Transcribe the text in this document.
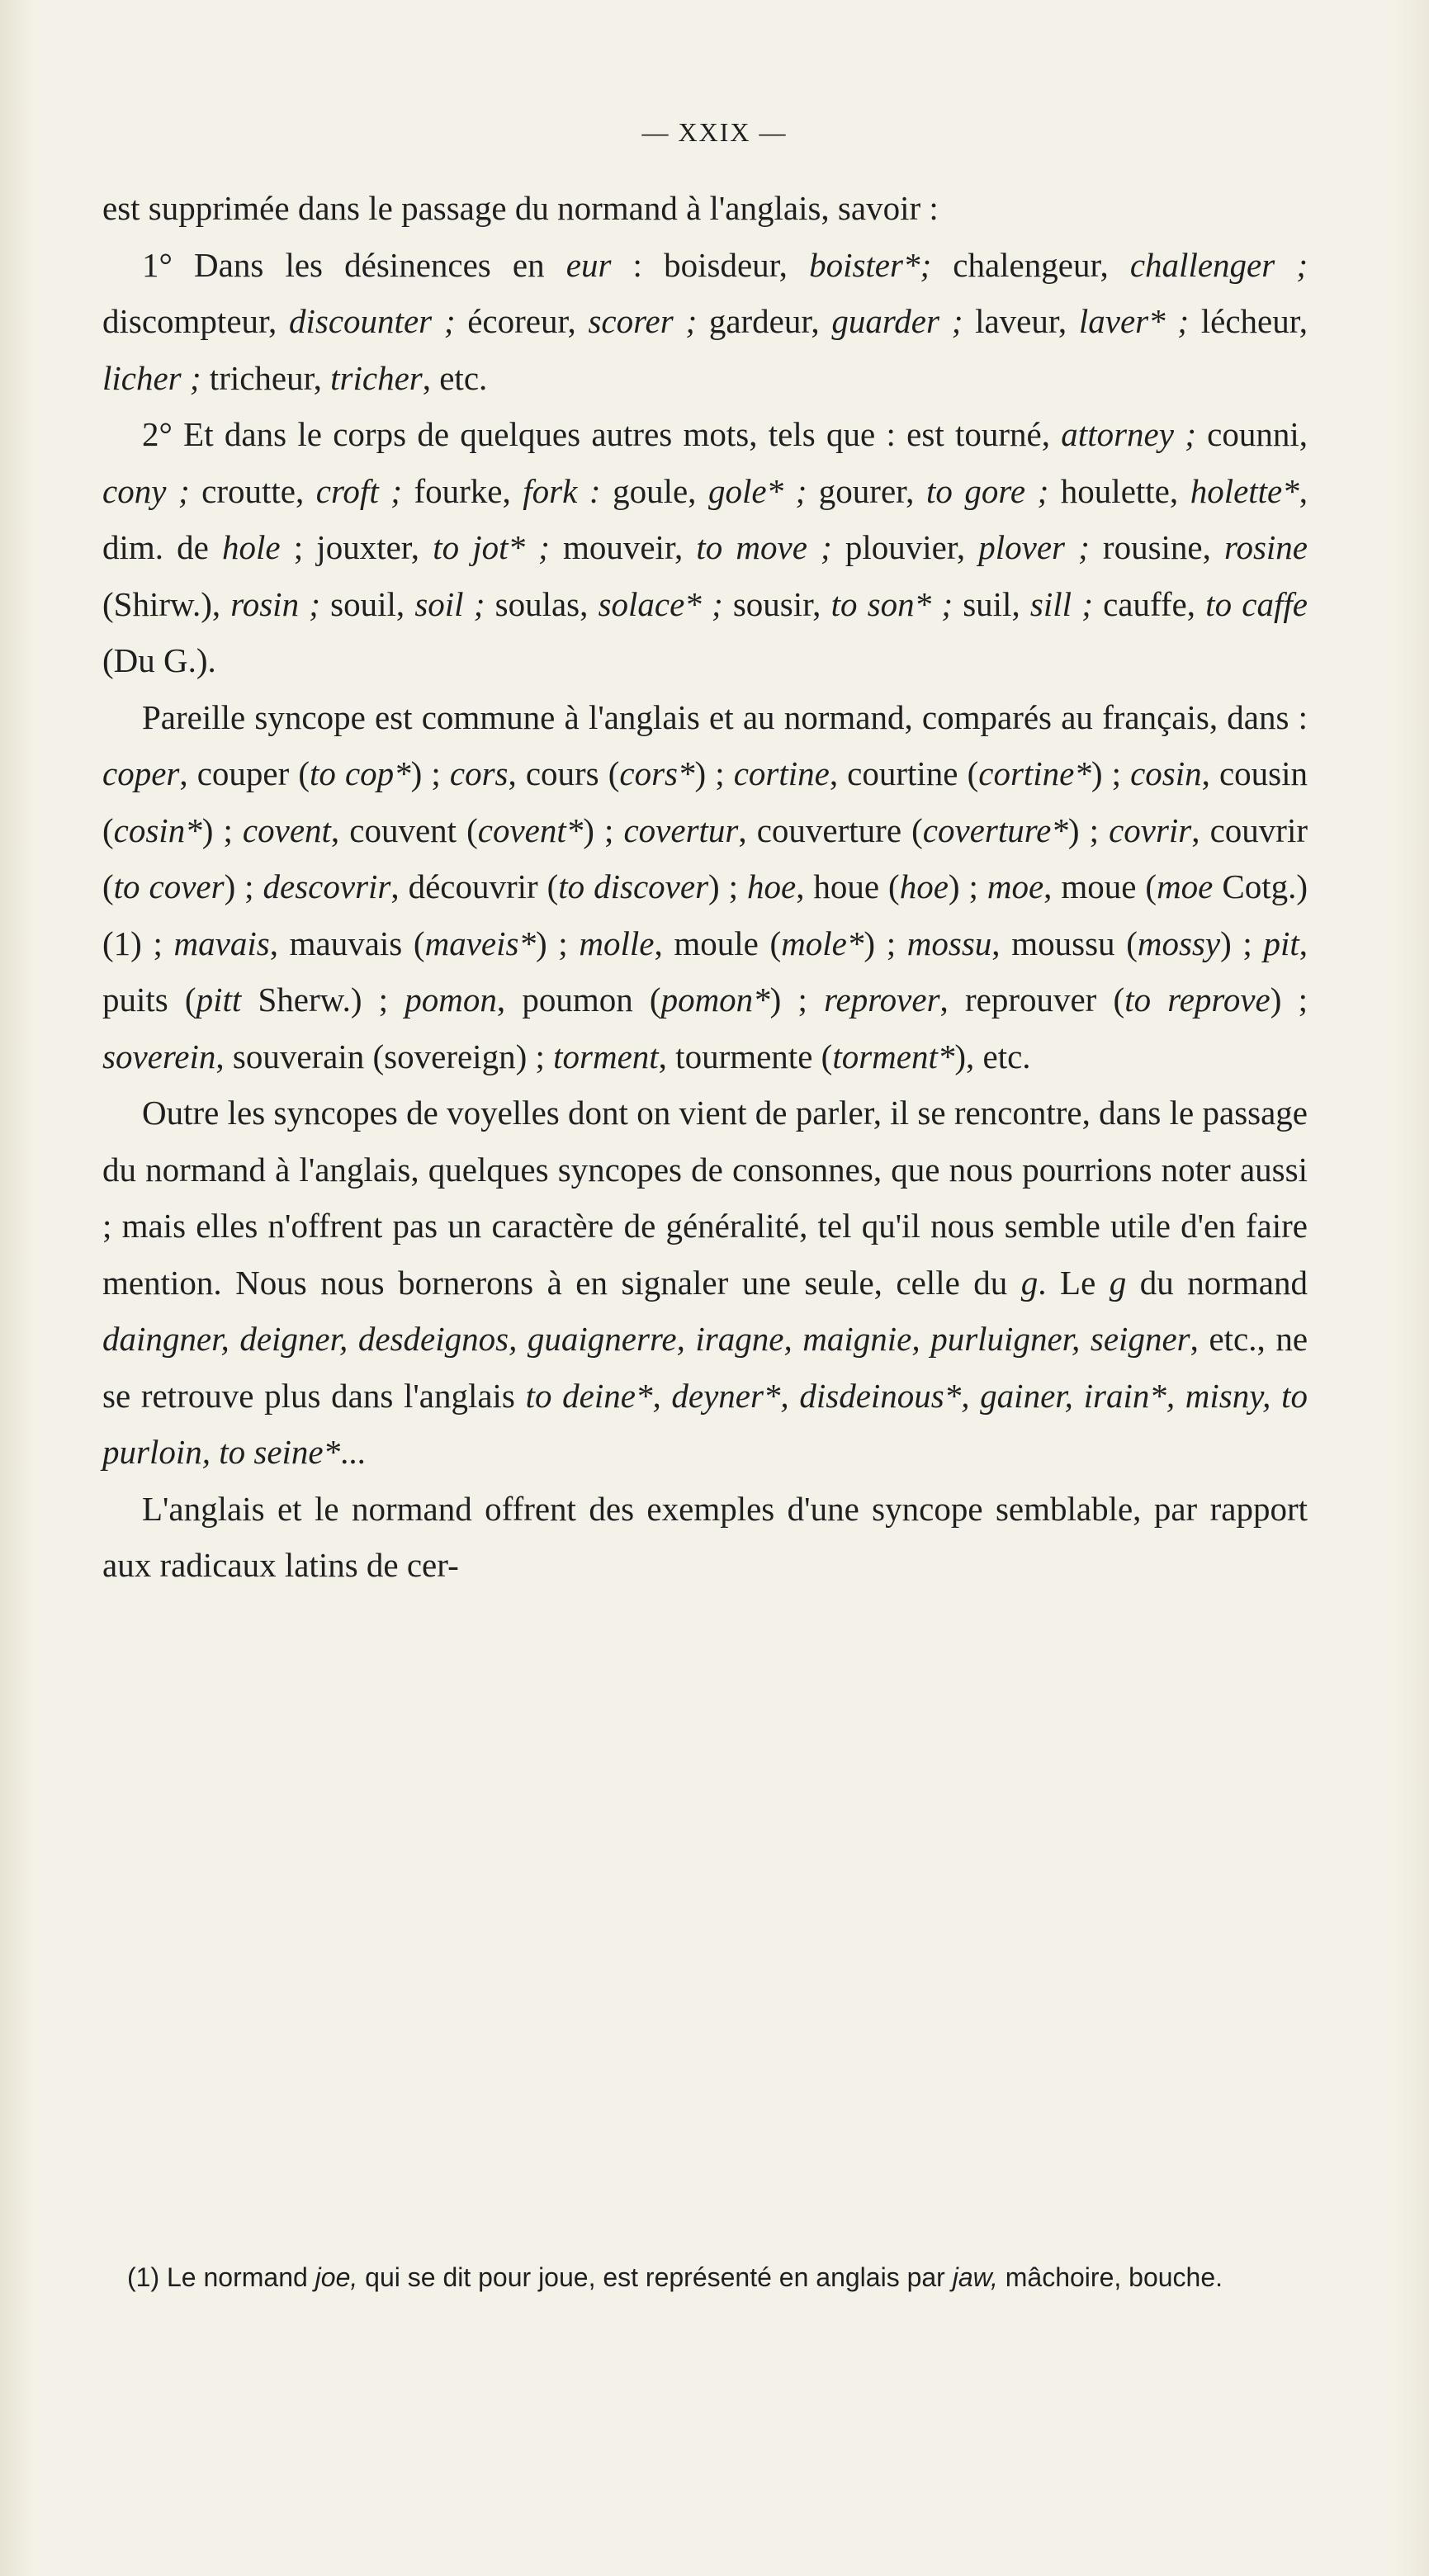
— XXIX —

est supprimée dans le passage du normand à l'anglais, savoir :

1° Dans les désinences en eur : boisdeur, boister*; chalengeur, challenger ; discompteur, discounter ; écoreur, scorer ; gardeur, guarder ; laveur, laver* ; lécheur, licher ; tricheur, tricher, etc.

2° Et dans le corps de quelques autres mots, tels que : est tourné, attorney ; counni, cony ; croutte, croft ; fourke, fork : goule, gole* ; gourer, to gore ; houlette, holette*, dim. de hole ; jouxter, to jot* ; mouveir, to move ; plouvier, plover ; rousine, rosine (Shirw.), rosin ; souil, soil ; soulas, solace* ; sousir, to son* ; suil, sill ; cauffe, to caffe (Du G.).

Pareille syncope est commune à l'anglais et au normand, comparés au français, dans : coper, couper (to cop*) ; cors, cours (cors*) ; cortine, courtine (cortine*) ; cosin, cousin (cosin*) ; covent, couvent (covent*) ; covertur, couverture (coverture*) ; covrir, couvrir (to cover) ; descovrir, découvrir (to discover) ; hoe, houe (hoe) ; moe, moue (moe Cotg.) (1) ; mavais, mauvais (maveis*) ; molle, moule (mole*) ; mossu, moussu (mossy) ; pit, puits (pitt Sherw.) ; pomon, poumon (pomon*) ; reprover, reprouver (to reprove) ; soverein, souverain (sovereign) ; torment, tourmente (torment*), etc.

Outre les syncopes de voyelles dont on vient de parler, il se rencontre, dans le passage du normand à l'anglais, quelques syncopes de consonnes, que nous pourrions noter aussi ; mais elles n'offrent pas un caractère de généralité, tel qu'il nous semble utile d'en faire mention. Nous nous bornerons à en signaler une seule, celle du g. Le g du normand daingner, deigner, desdeignos, guaignerre, iragne, maignie, purluigner, seigner, etc., ne se retrouve plus dans l'anglais to deine*, deyner*, disdeinous*, gainer, irain*, misny, to purloin, to seine*...

L'anglais et le normand offrent des exemples d'une syncope semblable, par rapport aux radicaux latins de cer-

(1) Le normand joe, qui se dit pour joue, est représenté en anglais par jaw, mâchoire, bouche.
